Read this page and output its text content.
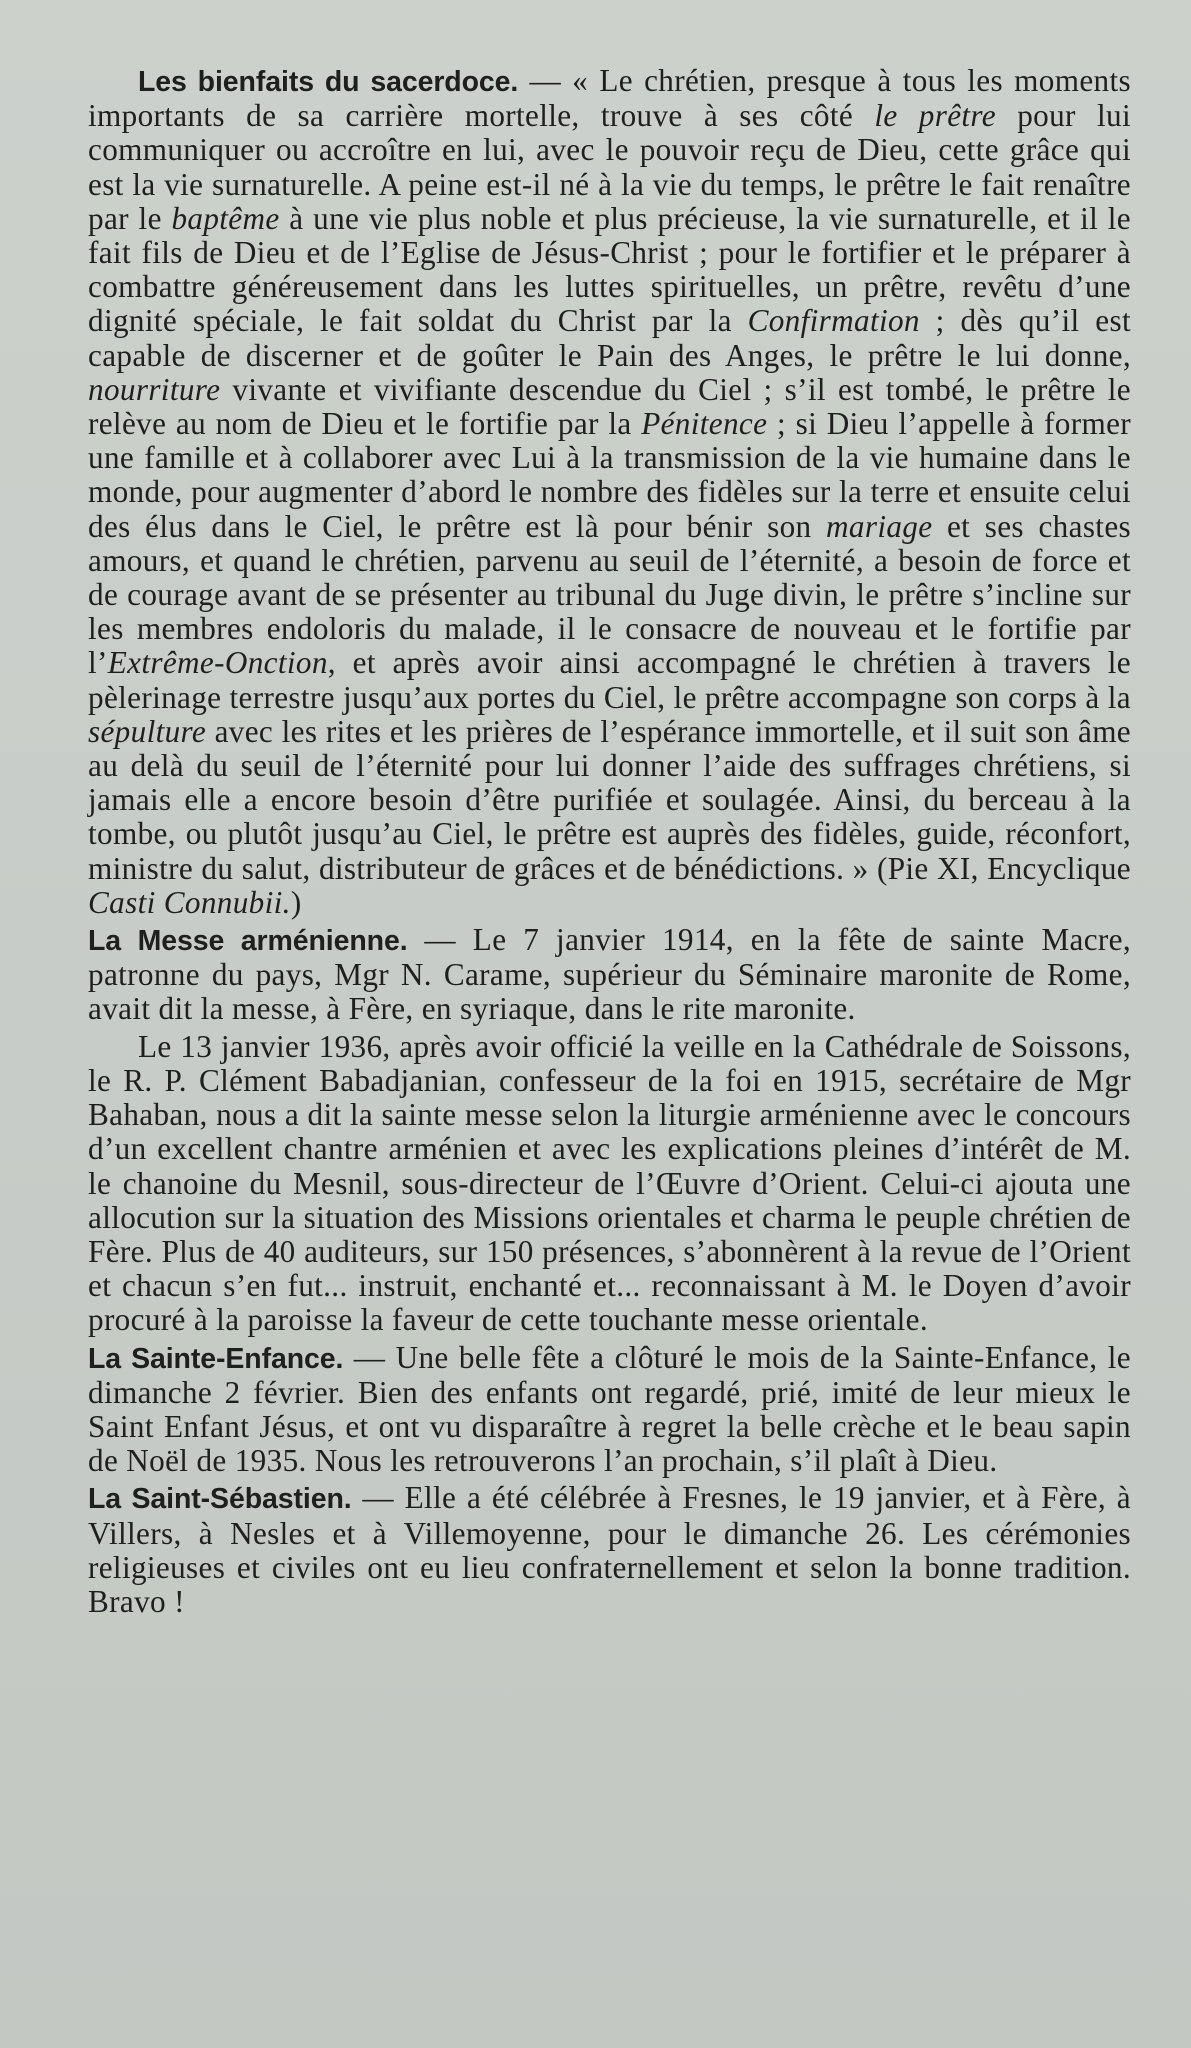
Les bienfaits du sacerdoce. — « Le chrétien, presque à tous les moments importants de sa carrière mortelle, trouve à ses côté le prêtre pour lui communiquer ou accroître en lui, avec le pouvoir reçu de Dieu, cette grâce qui est la vie surnaturelle. A peine est-il né à la vie du temps, le prêtre le fait renaître par le baptême à une vie plus noble et plus précieuse, la vie surnaturelle, et il le fait fils de Dieu et de l’Eglise de Jésus-Christ ; pour le fortifier et le préparer à combattre généreusement dans les luttes spirituelles, un prêtre, revêtu d’une dignité spéciale, le fait soldat du Christ par la Confirmation ; dès qu’il est capable de discerner et de goûter le Pain des Anges, le prêtre le lui donne, nourriture vivante et vivifiante descendue du Ciel ; s’il est tombé, le prêtre le relève au nom de Dieu et le fortifie par la Pénitence ; si Dieu l’appelle à former une famille et à collaborer avec Lui à la transmission de la vie humaine dans le monde, pour augmenter d’abord le nombre des fidèles sur la terre et ensuite celui des élus dans le Ciel, le prêtre est là pour bénir son mariage et ses chastes amours, et quand le chrétien, parvenu au seuil de l’éternité, a besoin de force et de courage avant de se présenter au tribunal du Juge divin, le prêtre s’incline sur les membres endoloris du malade, il le consacre de nouveau et le fortifie par l’Extrême-Onction, et après avoir ainsi accompagné le chrétien à travers le pèlerinage terrestre jusqu’aux portes du Ciel, le prêtre accompagne son corps à la sépulture avec les rites et les prières de l’espérance immortelle, et il suit son âme au delà du seuil de l’éternité pour lui donner l’aide des suffrages chrétiens, si jamais elle a encore besoin d’être purifiée et soulagée. Ainsi, du berceau à la tombe, ou plutôt jusqu’au Ciel, le prêtre est auprès des fidèles, guide, réconfort, ministre du salut, distributeur de grâces et de bénédictions. » (Pie XI, Encyclique Casti Connubii.)

La Messe arménienne. — Le 7 janvier 1914, en la fête de sainte Macre, patronne du pays, Mgr N. Carame, supérieur du Séminaire maronite de Rome, avait dit la messe, à Fère, en syriaque, dans le rite maronite.

Le 13 janvier 1936, après avoir officié la veille en la Cathédrale de Soissons, le R. P. Clément Babadjanian, confesseur de la foi en 1915, secrétaire de Mgr Bahaban, nous a dit la sainte messe selon la liturgie arménienne avec le concours d’un excellent chantre arménien et avec les explications pleines d’intérêt de M. le chanoine du Mesnil, sous-directeur de l’Œuvre d’Orient. Celui-ci ajouta une allocution sur la situation des Missions orientales et charma le peuple chrétien de Fère. Plus de 40 auditeurs, sur 150 présences, s’abonnèrent à la revue de l’Orient et chacun s’en fut... instruit, enchanté et... reconnaissant à M. le Doyen d’avoir procuré à la paroisse la faveur de cette touchante messe orientale.

La Sainte-Enfance. — Une belle fête a clôturé le mois de la Sainte-Enfance, le dimanche 2 février. Bien des enfants ont regardé, prié, imité de leur mieux le Saint Enfant Jésus, et ont vu disparaître à regret la belle crèche et le beau sapin de Noël de 1935. Nous les retrouverons l’an prochain, s’il plaît à Dieu.

La Saint-Sébastien. — Elle a été célébrée à Fresnes, le 19 janvier, et à Fère, à Villers, à Nesles et à Villemoyenne, pour le dimanche 26. Les cérémonies religieuses et civiles ont eu lieu confraternellement et selon la bonne tradition. Bravo !
